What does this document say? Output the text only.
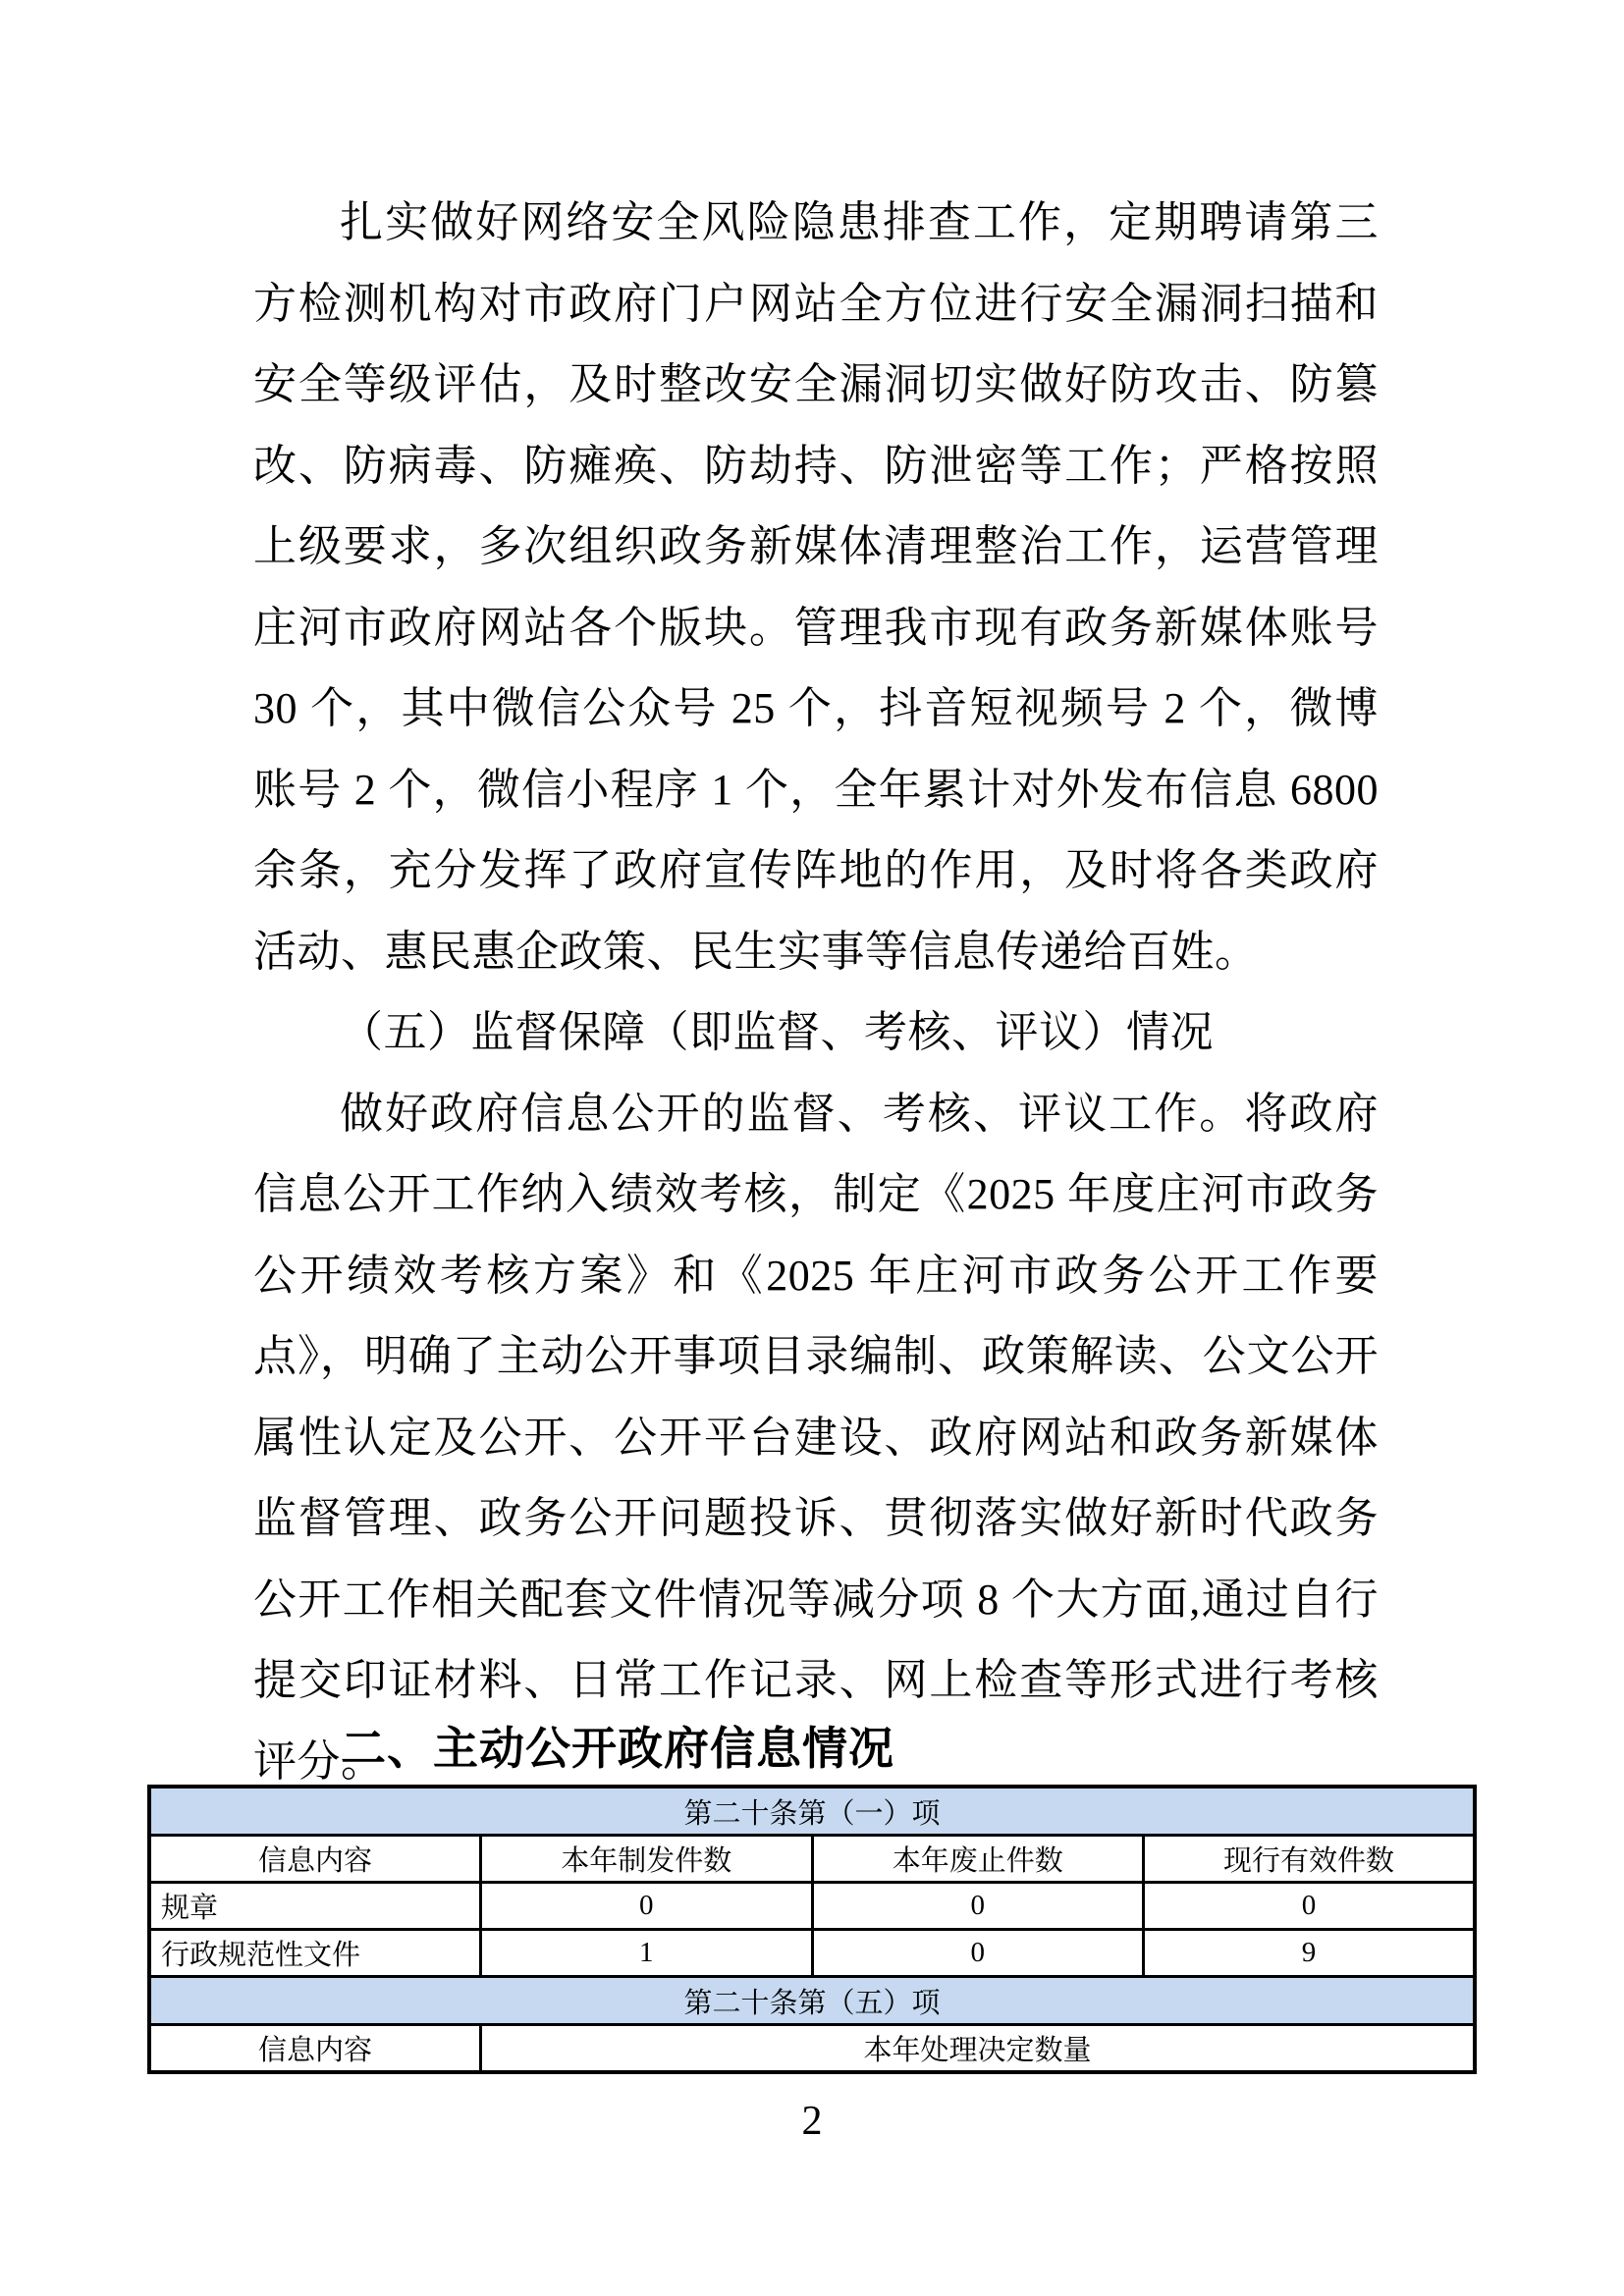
扎实做好网络安全风险隐患排查工作，定期聘请第三方检测机构对市政府门户网站全方位进行安全漏洞扫描和安全等级评估，及时整改安全漏洞切实做好防攻击、防篡改、防病毒、防瘫痪、防劫持、防泄密等工作；严格按照上级要求，多次组织政务新媒体清理整治工作，运营管理庄河市政府网站各个版块。管理我市现有政务新媒体账号 30 个，其中微信公众号 25 个，抖音短视频号 2 个，微博账号 2 个，微信小程序 1 个，全年累计对外发布信息 6800 余条，充分发挥了政府宣传阵地的作用，及时将各类政府活动、惠民惠企政策、民生实事等信息传递给百姓。

（五）监督保障（即监督、考核、评议）情况

做好政府信息公开的监督、考核、评议工作。将政府信息公开工作纳入绩效考核，制定《2025 年度庄河市政务公开绩效考核方案》和《2025 年庄河市政务公开工作要点》，明确了主动公开事项目录编制、政策解读、公文公开属性认定及公开、公开平台建设、政府网站和政务新媒体监督管理、政务公开问题投诉、贯彻落实做好新时代政务公开工作相关配套文件情况等减分项 8 个大方面,通过自行提交印证材料、日常工作记录、网上检查等形式进行考核评分。

二、主动公开政府信息情况
第二十条第（一）项			
信息内容	本年制发件数	本年废止件数	现行有效件数
规章	0	0	0
行政规范性文件	1	0	9
第二十条第（五）项			
信息内容	本年处理决定数量		
2
